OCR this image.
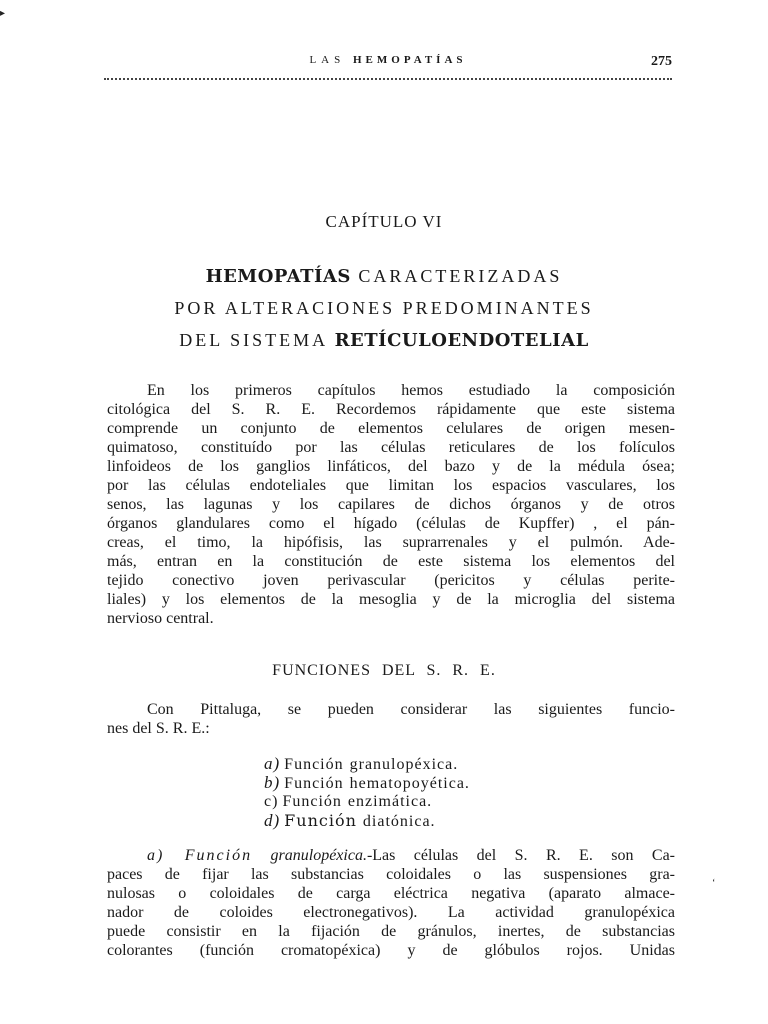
▸
‘
LAS HEMOPATÍAS	275
CAPÍTULO VI
HEMOPATÍAS CARACTERIZADAS
POR ALTERACIONES PREDOMINANTES
DEL SISTEMA RETÍCULOENDOTELIAL
En los primeros capítulos hemos estudiado la composición
citológica del S. R. E. Recordemos rápidamente que este sistema
comprende un conjunto de elementos celulares de origen mesen-
quimatoso, constituído por las células reticulares de los folículos
linfoideos de los ganglios linfáticos, del bazo y de la médula ósea;
por las células endoteliales que limitan los espacios vasculares, los
senos, las lagunas y los capilares de dichos órganos y de otros
órganos glandulares como el hígado (células de Kupffer) , el pán-
creas, el timo, la hipófisis, las suprarrenales y el pulmón. Ade-
más, entran en la constitución de este sistema los elementos del
tejido conectivo joven perivascular (pericitos y células perite-
liales) y los elementos de la mesoglia y de la microglia del sistema
nervioso central.
FUNCIONES DEL S. R. E.
Con Pittaluga, se pueden considerar las siguientes funcio-
nes del S. R. E.:
a) Función granulopéxica.
b) Función hematopoyética.
c) Función enzimática.
d) Función diatónica.
a) Función granulopéxica.-Las células del S. R. E. son Ca-
paces de fijar las substancias coloidales o las suspensiones gra-
nulosas o coloidales de carga eléctrica negativa (aparato almace-
nador de coloides electronegativos). La actividad granulopéxica
puede consistir en la fijación de gránulos, inertes, de substancias
colorantes (función cromatopéxica) y de glóbulos rojos. Unidas
